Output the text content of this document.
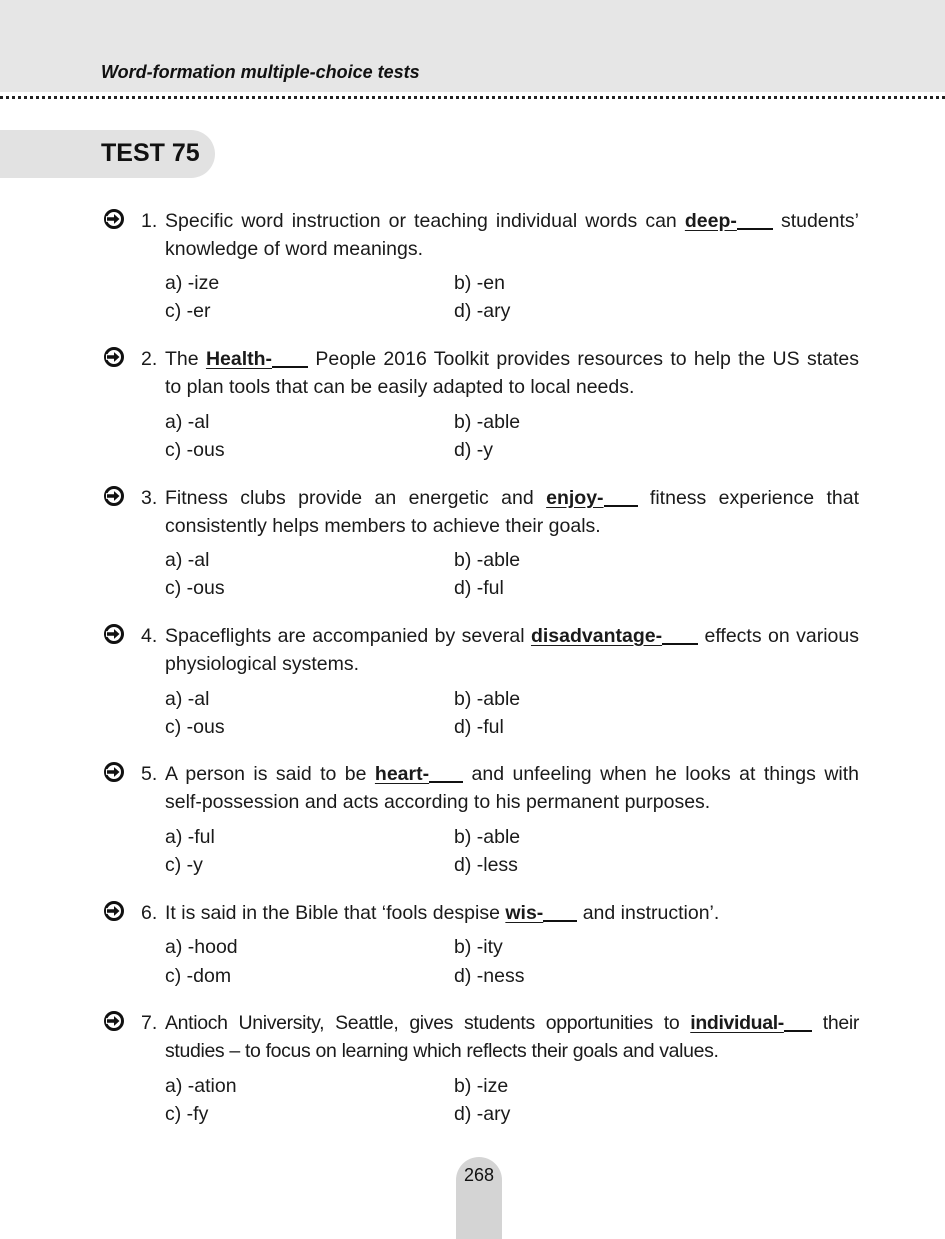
Word-formation multiple-choice tests
TEST 75
1. Specific word instruction or teaching individual words can deep- students’ knowledge of word meanings.
a) -ize	b) -en
c) -er	d) -ary
2. The Health- People 2016 Toolkit provides resources to help the US states to plan tools that can be easily adapted to local needs.
a) -al	b) -able
c) -ous	d) -y
3. Fitness clubs provide an energetic and enjoy- fitness experience that consistently helps members to achieve their goals.
a) -al	b) -able
c) -ous	d) -ful
4. Spaceflights are accompanied by several disadvantage- effects on various physiological systems.
a) -al	b) -able
c) -ous	d) -ful
5. A person is said to be heart- and unfeeling when he looks at things with self-possession and acts according to his permanent purposes.
a) -ful	b) -able
c) -y	d) -less
6. It is said in the Bible that ‘fools despise wis- and instruction’.
a) -hood	b) -ity
c) -dom	d) -ness
7. Antioch University, Seattle, gives students opportunities to individual- their studies – to focus on learning which reflects their goals and values.
a) -ation	b) -ize
c) -fy	d) -ary
268
